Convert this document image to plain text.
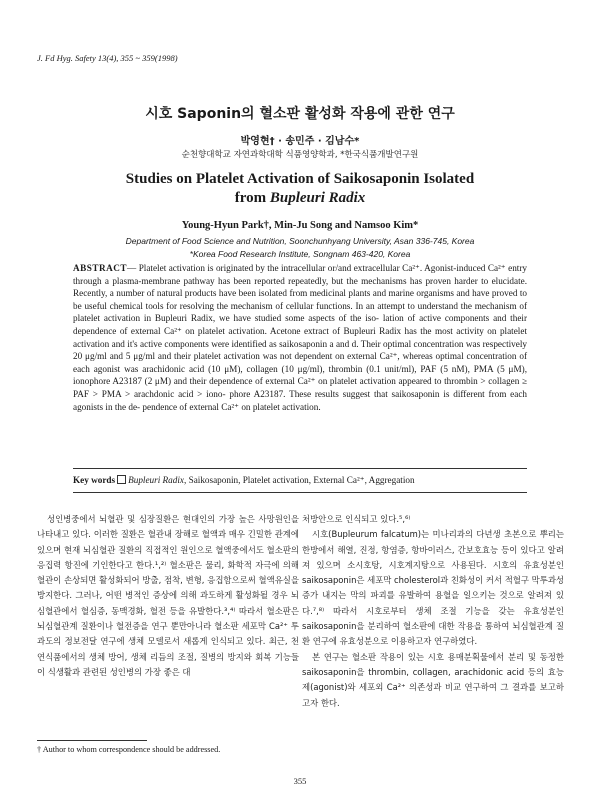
J. Fd Hyg. Safety 13(4), 355 ~ 359(1998)
시호 Saponin의 혈소판 활성화 작용에 관한 연구
박영현† · 송민주 · 김남수*
순천향대학교 자연과학대학 식품영양학과, *한국식품개발연구원
Studies on Platelet Activation of Saikosaponin Isolated
from Bupleuri Radix
Young-Hyun Park†, Min-Ju Song and Namsoo Kim*
Department of Food Science and Nutrition, Soonchunhyang University, Asan 336-745, Korea
*Korea Food Research Institute, Songnam 463-420, Korea
ABSTRACT— Platelet activation is originated by the intracellular or/and extracellular Ca²⁺. Agonist-induced Ca²⁺ entry through a plasma-membrane pathway has been reported repeatedly, but the mechanisms has proven harder to elucidate. Recently, a number of natural products have been isolated from medicinal plants and marine organisms and have proved to be useful chemical tools for resolving the mechanism of cellular functions. In an attempt to understand the mechanism of platelet activation in Bupleuri Radix, we have studied some aspects of the iso- lation of active components and their dependence of external Ca²⁺ on platelet activation. Acetone extract of Bupleuri Radix has the most activity on platelet activation and it's active components were identified as saikosaponin a and d. Their optimal concentration was respectively 20 μg/ml and 5 μg/ml and their platelet activation was not dependent on external Ca²⁺, whereas optimal concentration of each agonist was arachidonic acid (10 μM), collagen (10 μg/ml), thrombin (0.1 unit/ml), PAF (5 nM), PMA (5 μM), ionophore A23187 (2 μM) and their dependence of external Ca²⁺ on platelet activation appeared to thrombin > collagen ≥ PAF > PMA > arachdonic acid > iono- phore A23187. These results suggest that saikosaponin is different from each agonists in the de- pendence of external Ca²⁺ on platelet activation.
Key words Bupleuri Radix, Saikosaponin, Platelet activation, External Ca²⁺, Aggregation

성인병중에서 뇌혈관 및 심장질환은 현대인의 가장 높은 사망원인을 나타내고 있다. 이러한 질환은 혈관내 장해로 혈액과 매우 긴밀한 관계에 있으며 현재 뇌심혈관 질환의 직접적인 원인으로 혈액중에서도 혈소판의 응집력 항진에 기인한다고 한다.¹,²⁾ 혈소판은 물리, 화학적 자극에 의해 혈관이 손상되면 활성화되어 방출, 점착, 변형, 응집함으로써 혈액유실을 방지한다. 그러나, 어떤 병적인 증상에 의해 과도하게 활성화될 경우 뇌심혈관에서 혈심증, 동맥경화, 혈전 등을 유발한다.³,⁴⁾ 따라서 혈소판은 뇌심혈관계 질환이나 혈전증을 연구 뿐만아니라 혈소판 세포막 Ca²⁺ 투과도의 정보전달 연구에 생체 모델로서 새롭게 인식되고 있다. 최근, 천연식품에서의 생체 방어, 생체 리듬의 조절, 질병의 방지와 회복 기능들이 식생활과 관련된 성인병의 가장 좋은 대

처방안으로 인식되고 있다.⁵,⁶⁾

시호(Bupleurum falcatum)는 미나리과의 다년생 초본으로 뿌리는 한방에서 해열, 진정, 항염증, 항바이러스, 간보호효능 등이 있다고 알려져 있으며 소시호탕, 시호계지탕으로 사용된다. 시호의 유효성분인 saikosaponin은 세포막 cholesterol과 친화성이 커서 적혈구 막투과성 증가 내지는 막의 파괴를 유발하여 용혈을 일으키는 것으로 알려져 있다.⁷,⁸⁾ 따라서 시호로부터 생체 조절 기능을 갖는 유효성분인 saikosaponin을 분리하여 혈소판에 대한 작용을 통하여 뇌심혈관계 질환 연구에 유효성분으로 이용하고자 연구하였다.

본 연구는 혈소판 작용이 있는 시호 용매분획물에서 분리 및 동정한 saikosaponin을 thrombin, collagen, arachidonic acid 등의 효능제(agonist)와 세포외 Ca²⁺ 의존성과 비교 연구하여 그 결과를 보고하고자 한다.

† Author to whom correspondence should be addressed.
355
